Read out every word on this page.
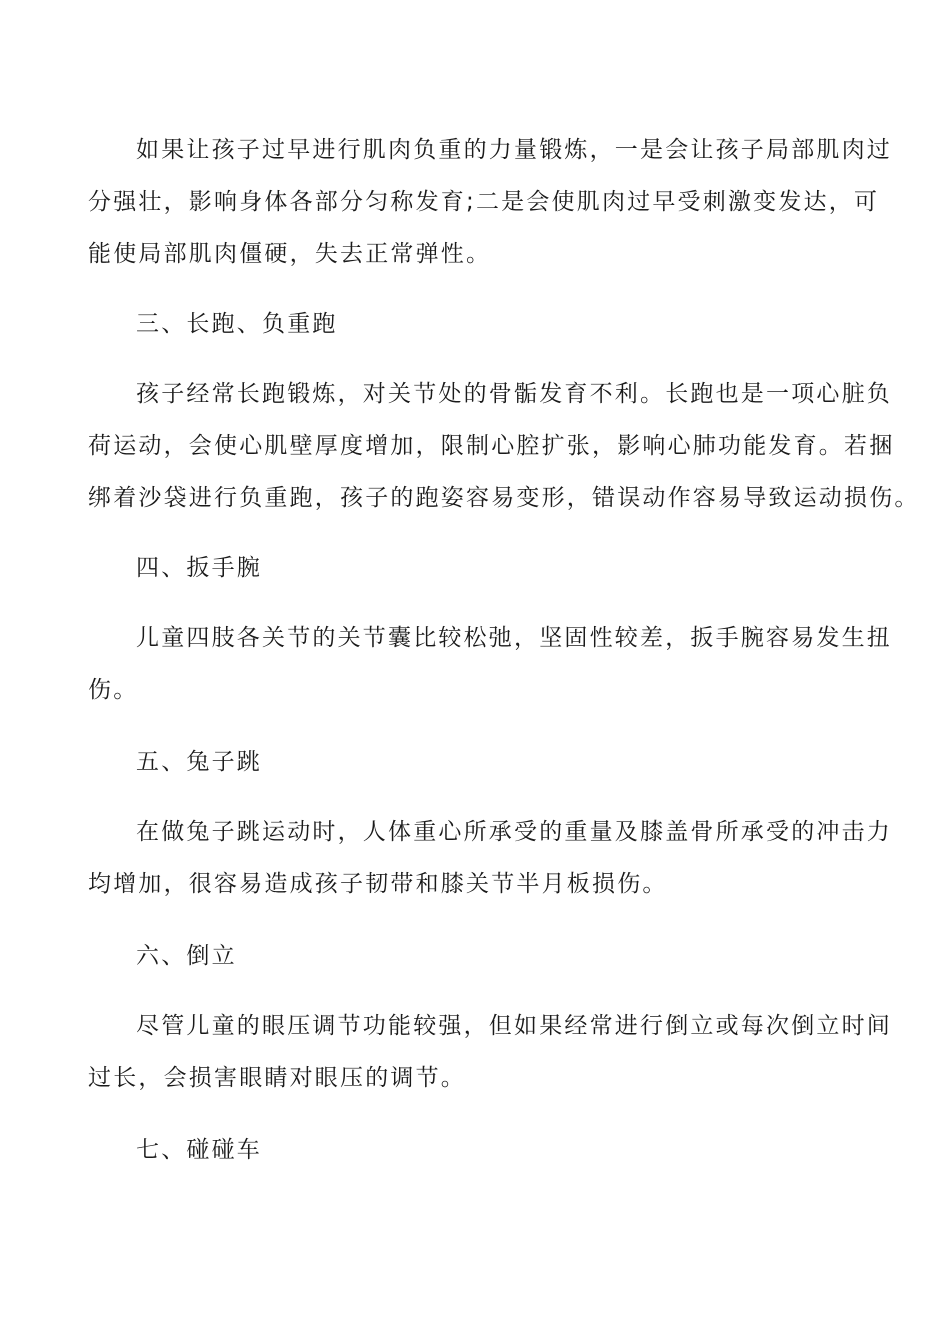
如果让孩子过早进行肌肉负重的力量锻炼，一是会让孩子局部肌肉过
分强壮，影响身体各部分匀称发育;二是会使肌肉过早受刺激变发达，可
能使局部肌肉僵硬，失去正常弹性。

三、长跑、负重跑

孩子经常长跑锻炼，对关节处的骨骺发育不利。长跑也是一项心脏负
荷运动，会使心肌壁厚度增加，限制心腔扩张，影响心肺功能发育。若捆
绑着沙袋进行负重跑，孩子的跑姿容易变形，错误动作容易导致运动损伤。

四、扳手腕

儿童四肢各关节的关节囊比较松弛，坚固性较差，扳手腕容易发生扭
伤。

五、兔子跳

在做兔子跳运动时，人体重心所承受的重量及膝盖骨所承受的冲击力
均增加，很容易造成孩子韧带和膝关节半月板损伤。

六、倒立

尽管儿童的眼压调节功能较强，但如果经常进行倒立或每次倒立时间
过长，会损害眼睛对眼压的调节。

七、碰碰车
